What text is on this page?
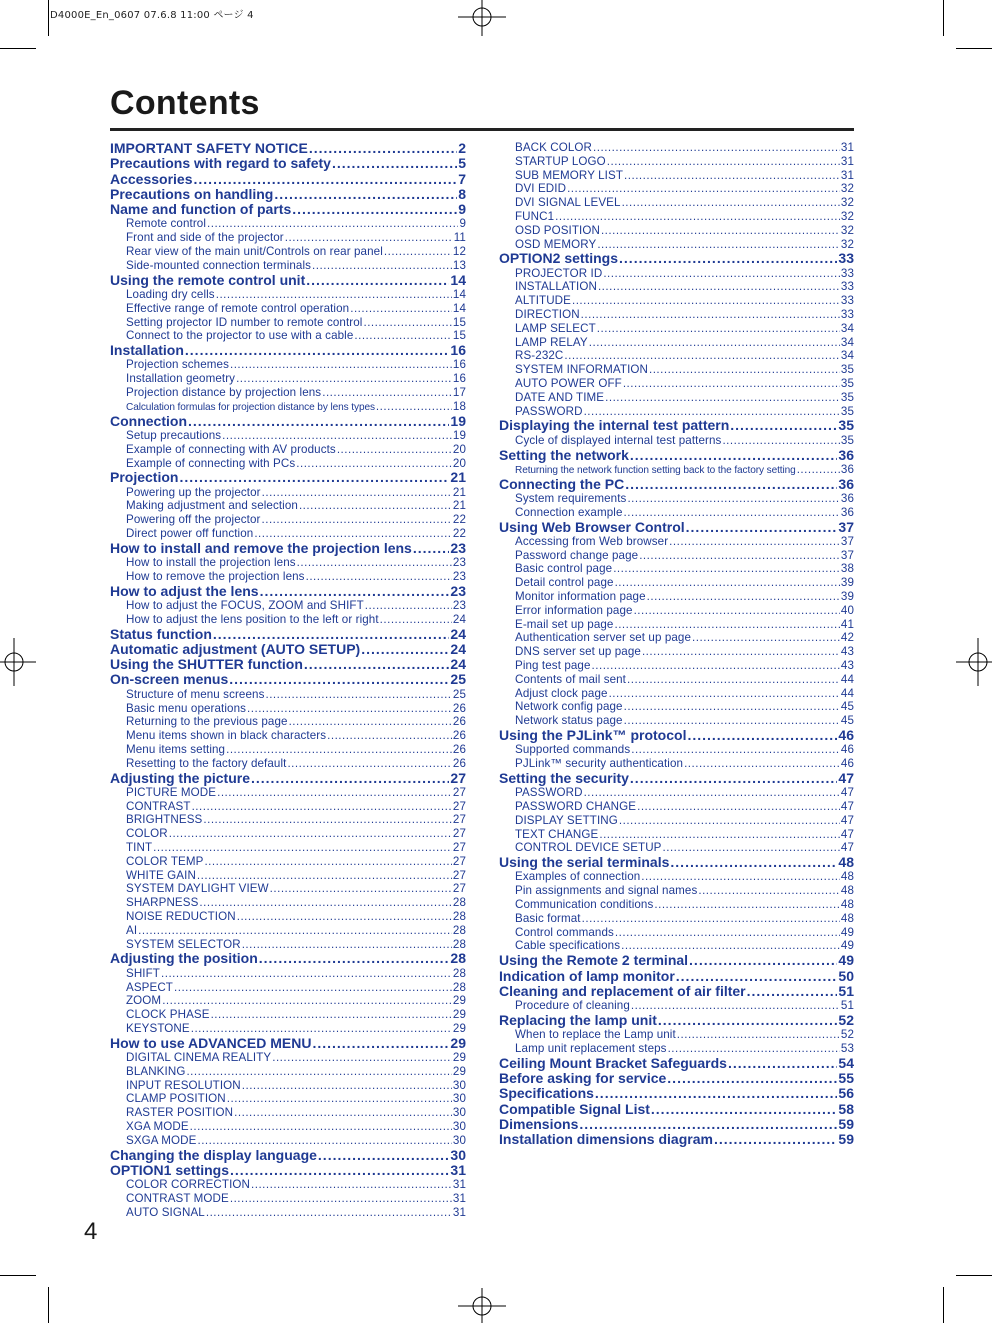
D4000E_En_0607 07.6.8 11:00 ページ 4
Contents
IMPORTANT SAFETY NOTICE .....	2
Precautions with regard to safety .....	5
Accessories .....	7
Precautions on handling .....	8
Name and function of parts .....	9
Remote control .....	9
Front and side of the projector .....	11
Rear view of the main unit/Controls on rear panel .....	12
Side-mounted connection terminals .....	13
Using the remote control unit .....	14
Loading dry cells .....	14
Effective range of remote control operation .....	14
Setting projector ID number to remote control .....	15
Connect to the projector to use with a cable .....	15
Installation .....	16
Projection schemes .....	16
Installation geometry .....	16
Projection distance by projection lens .....	17
Calculation formulas for projection distance by lens types .....	18
Connection .....	19
Setup precautions .....	19
Example of connecting with AV products .....	20
Example of connecting with PCs .....	20
Projection .....	21
Powering up the projector .....	21
Making adjustment and selection .....	21
Powering off the projector .....	22
Direct power off function .....	22
How to install and remove the projection lens .....	23
How to install the projection lens .....	23
How to remove the projection lens .....	23
How to adjust the lens .....	23
How to adjust the FOCUS, ZOOM and SHIFT .....	23
How to adjust the lens position to the left or right .....	24
Status function .....	24
Automatic adjustment (AUTO SETUP) .....	24
Using the SHUTTER function .....	24
On-screen menus .....	25
Structure of menu screens .....	25
Basic menu operations .....	26
Returning to the previous page .....	26
Menu items shown in black characters .....	26
Menu items setting .....	26
Resetting to the factory default .....	26
Adjusting the picture .....	27
PICTURE MODE .....	27
CONTRAST .....	27
BRIGHTNESS .....	27
COLOR .....	27
TINT .....	27
COLOR TEMP .....	27
WHITE GAIN .....	27
SYSTEM DAYLIGHT VIEW .....	27
SHARPNESS .....	28
NOISE REDUCTION .....	28
AI .....	28
SYSTEM SELECTOR .....	28
Adjusting the position .....	28
SHIFT .....	28
ASPECT .....	28
ZOOM .....	29
CLOCK PHASE .....	29
KEYSTONE .....	29
How to use ADVANCED MENU .....	29
DIGITAL CINEMA REALITY .....	29
BLANKING .....	29
INPUT RESOLUTION .....	30
CLAMP POSITION .....	30
RASTER POSITION .....	30
XGA MODE .....	30
SXGA MODE .....	30
Changing the display language .....	30
OPTION1 settings .....	31
COLOR CORRECTION .....	31
CONTRAST MODE .....	31
AUTO SIGNAL .....	31
BACK COLOR .....	31
STARTUP LOGO .....	31
SUB MEMORY LIST .....	31
DVI EDID .....	32
DVI SIGNAL LEVEL .....	32
FUNC1 .....	32
OSD POSITION .....	32
OSD MEMORY .....	32
OPTION2 settings .....	33
PROJECTOR ID .....	33
INSTALLATION .....	33
ALTITUDE .....	33
DIRECTION .....	33
LAMP SELECT .....	34
LAMP RELAY .....	34
RS-232C .....	34
SYSTEM INFORMATION .....	35
AUTO POWER OFF .....	35
DATE AND TIME .....	35
PASSWORD .....	35
Displaying the internal test pattern .....	35
Cycle of displayed internal test patterns .....	35
Setting the network .....	36
Returning the network function setting back to the factory setting .....	36
Connecting the PC .....	36
System requirements .....	36
Connection example .....	36
Using Web Browser Control .....	37
Accessing from Web browser .....	37
Password change page .....	37
Basic control page .....	38
Detail control page .....	39
Monitor information page .....	39
Error information page .....	40
E-mail set up page .....	41
Authentication server set up page .....	42
DNS server set up page .....	43
Ping test page .....	43
Contents of mail sent .....	44
Adjust clock page .....	44
Network config page .....	45
Network status page .....	45
Using the PJLink™ protocol .....	46
Supported commands .....	46
PJLink™ security authentication .....	46
Setting the security .....	47
PASSWORD .....	47
PASSWORD CHANGE .....	47
DISPLAY SETTING .....	47
TEXT CHANGE .....	47
CONTROL DEVICE SETUP .....	47
Using the serial terminals .....	48
Examples of connection .....	48
Pin assignments and signal names .....	48
Communication conditions .....	48
Basic format .....	48
Control commands .....	49
Cable specifications .....	49
Using the Remote 2 terminal .....	49
Indication of lamp monitor .....	50
Cleaning and replacement of air filter .....	51
Procedure of cleaning .....	51
Replacing the lamp unit .....	52
When to replace the Lamp unit .....	52
Lamp unit replacement steps .....	53
Ceiling Mount Bracket Safeguards .....	54
Before asking for service .....	55
Specifications .....	56
Compatible Signal List .....	58
Dimensions .....	59
Installation dimensions diagram .....	59
4
